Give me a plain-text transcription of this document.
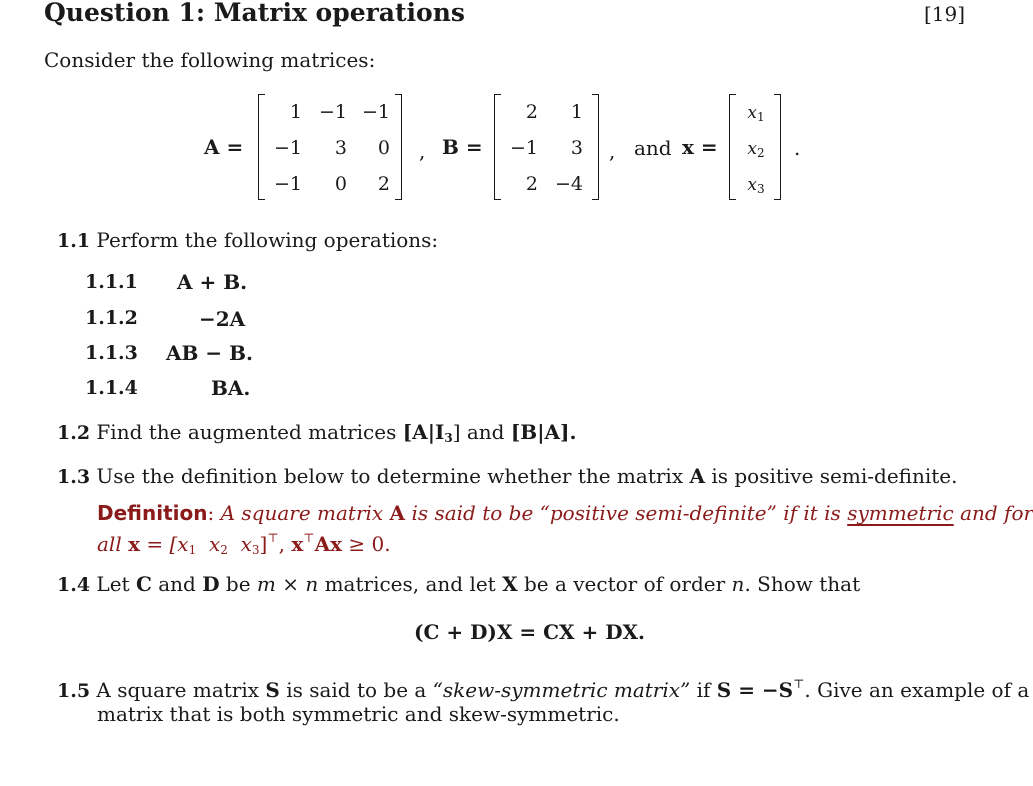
Question 1: Matrix operations	[19]
Consider the following matrices:
A =
1 −1 −1
−1	3	0
−1	0	2
, B =
2	1
−1	3
2 −4
, and x =
$x_1$
$x_2$
$x_3$
.
1.1 Perform the following operations:
1.1.1 A + B.
1.1.2	−2A
1.1.3 AB − B.
1.1.4	BA.
1.2 Find the augmented matrices $[A|I_3]$ and [B|A].
1.3 Use the definition below to determine whether the matrix A is positive semi-definite.
Definition: A square matrix A is said to be “positive semi-definite” if it is symmetric and for
all $x = [x_1$ $x_2$ $x_3]^⊤$, x⊤Ax ≥ 0.
1.4 Let C and D be m × n matrices, and let X be a vector of order n. Show that
(C + D)X = CX + DX.
1.5 A square matrix S is said to be a “skew-symmetric matrix” if S = −S⊤. Give an example of a
matrix that is both symmetric and skew-symmetric.
